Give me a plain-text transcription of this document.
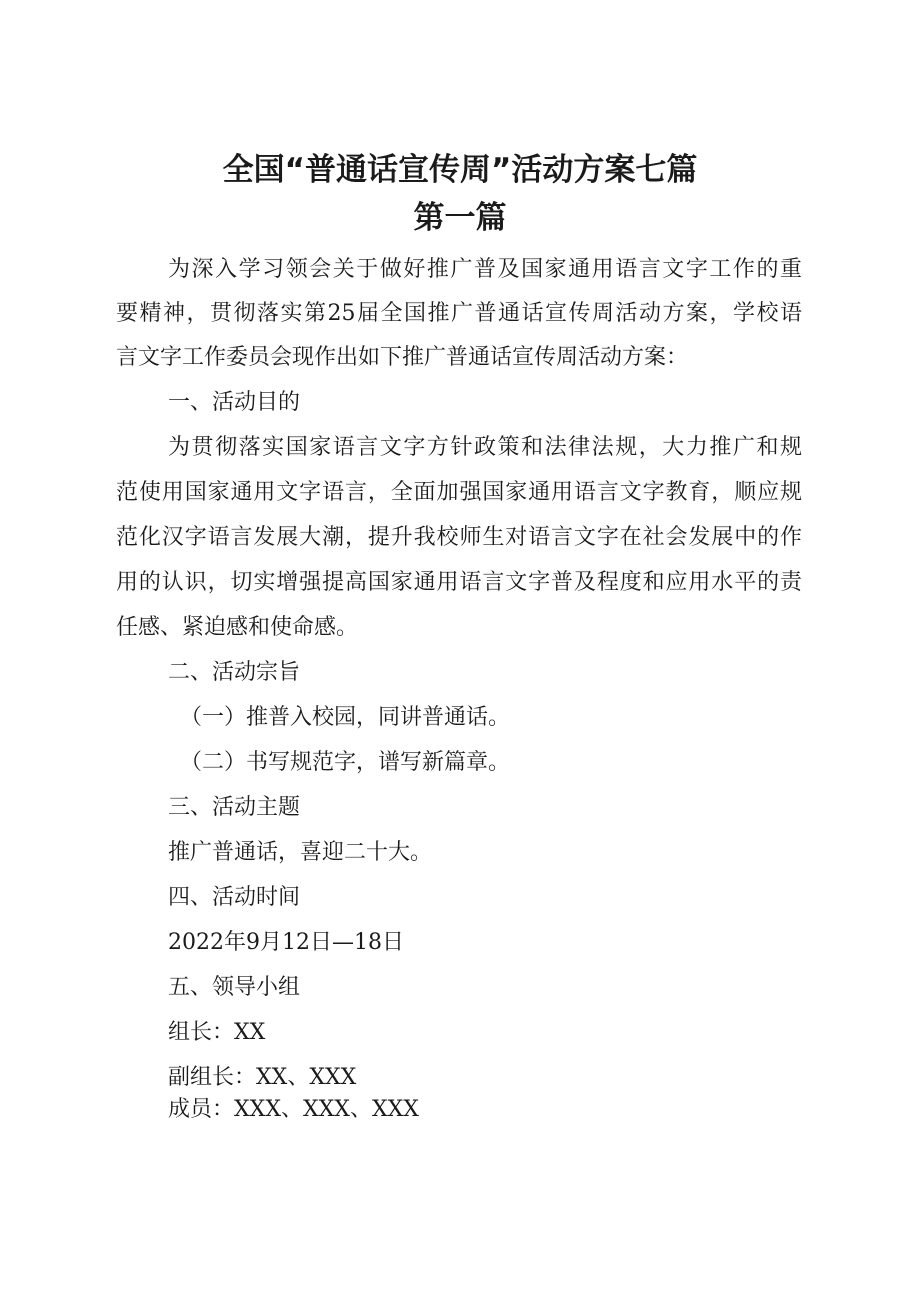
全国“普通话宣传周”活动方案七篇
第一篇

为深入学习领会关于做好推广普及国家通用语言文字工作的重

要精神，贯彻落实第25届全国推广普通话宣传周活动方案，学校语

言文字工作委员会现作出如下推广普通话宣传周活动方案：

一、活动目的

为贯彻落实国家语言文字方针政策和法律法规，大力推广和规

范使用国家通用文字语言，全面加强国家通用语言文字教育，顺应规

范化汉字语言发展大潮，提升我校师生对语言文字在社会发展中的作

用的认识，切实增强提高国家通用语言文字普及程度和应用水平的责

任感、紧迫感和使命感。

二、活动宗旨

（一）推普入校园，同讲普通话。

（二）书写规范字，谱写新篇章。

三、活动主题

推广普通话，喜迎二十大。

四、活动时间

2022年9月12日—18日

五、领导小组

组长：XX

副组长：XX、XXX

成员：XXX、XXX、XXX
